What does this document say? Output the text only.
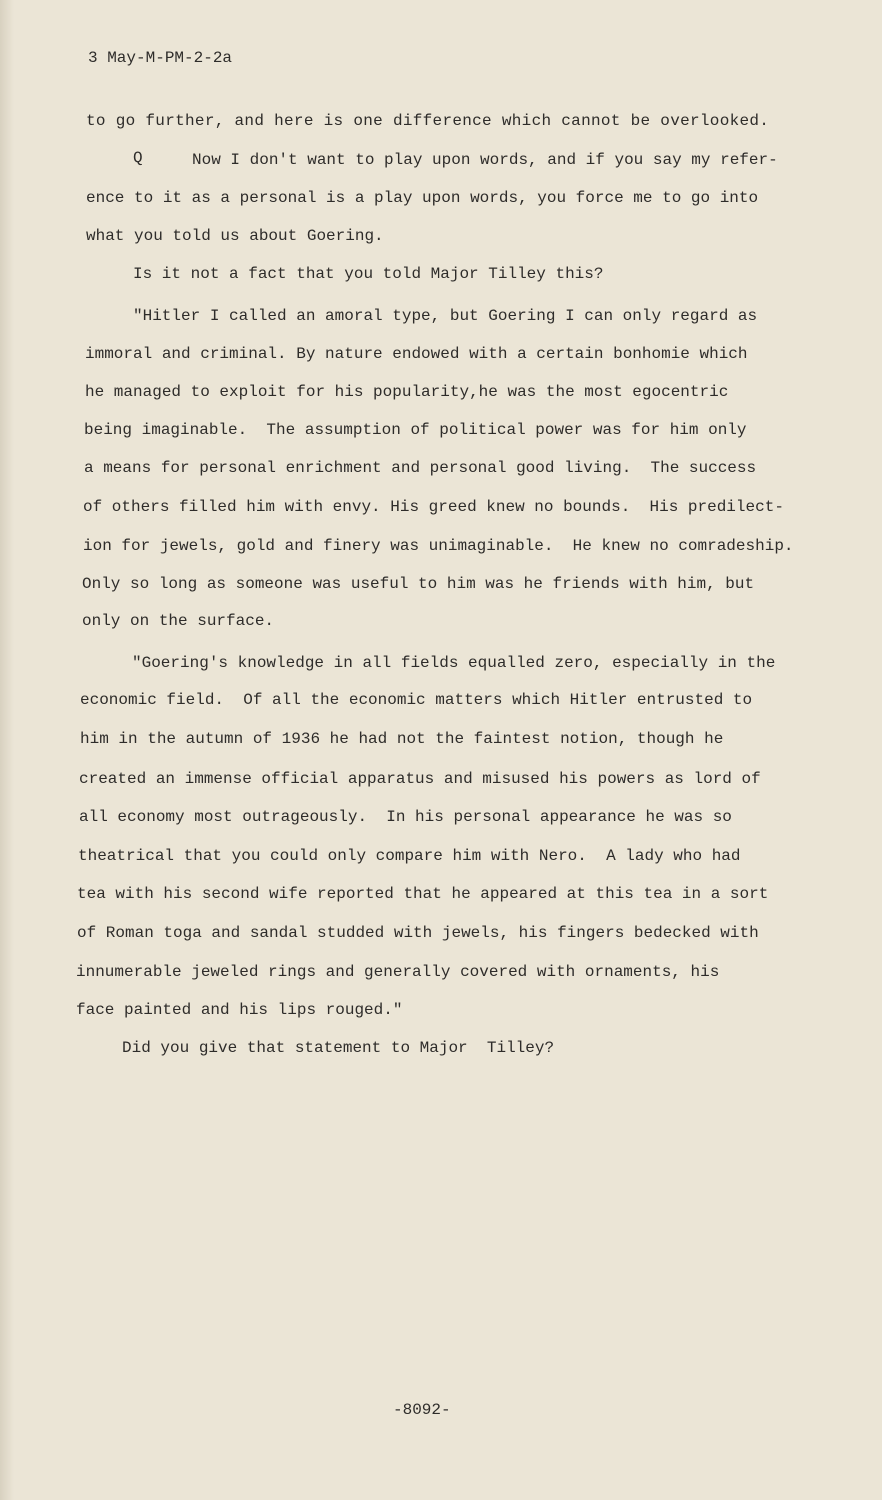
3 May-M-PM-2-2a
to go further, and here is one difference which cannot be overlooked.
Q	Now I don't want to play upon words, and if you say my refer-
ence to it as a personal is a play upon words, you force me to go into
what you told us about Goering.
Is it not a fact that you told Major Tilley this?
"Hitler I called an amoral type, but Goering I can only regard as
immoral and criminal. By nature endowed with a certain bonhomie which
he managed to exploit for his popularity,he was the most egocentric
being imaginable.  The assumption of political power was for him only
a means for personal enrichment and personal good living.  The success
of others filled him with envy. His greed knew no bounds.  His predilect-
ion for jewels, gold and finery was unimaginable.  He knew no comradeship.
Only so long as someone was useful to him was he friends with him, but
only on the surface.
"Goering's knowledge in all fields equalled zero, especially in the
economic field.  Of all the economic matters which Hitler entrusted to
him in the autumn of 1936 he had not the faintest notion, though he
created an immense official apparatus and misused his powers as lord of
all economy most outrageously.  In his personal appearance he was so
theatrical that you could only compare him with Nero.  A lady who had
tea with his second wife reported that he appeared at this tea in a sort
of Roman toga and sandal studded with jewels, his fingers bedecked with
innumerable jeweled rings and generally covered with ornaments, his
face painted and his lips rouged."
Did you give that statement to Major  Tilley?
-8092-
